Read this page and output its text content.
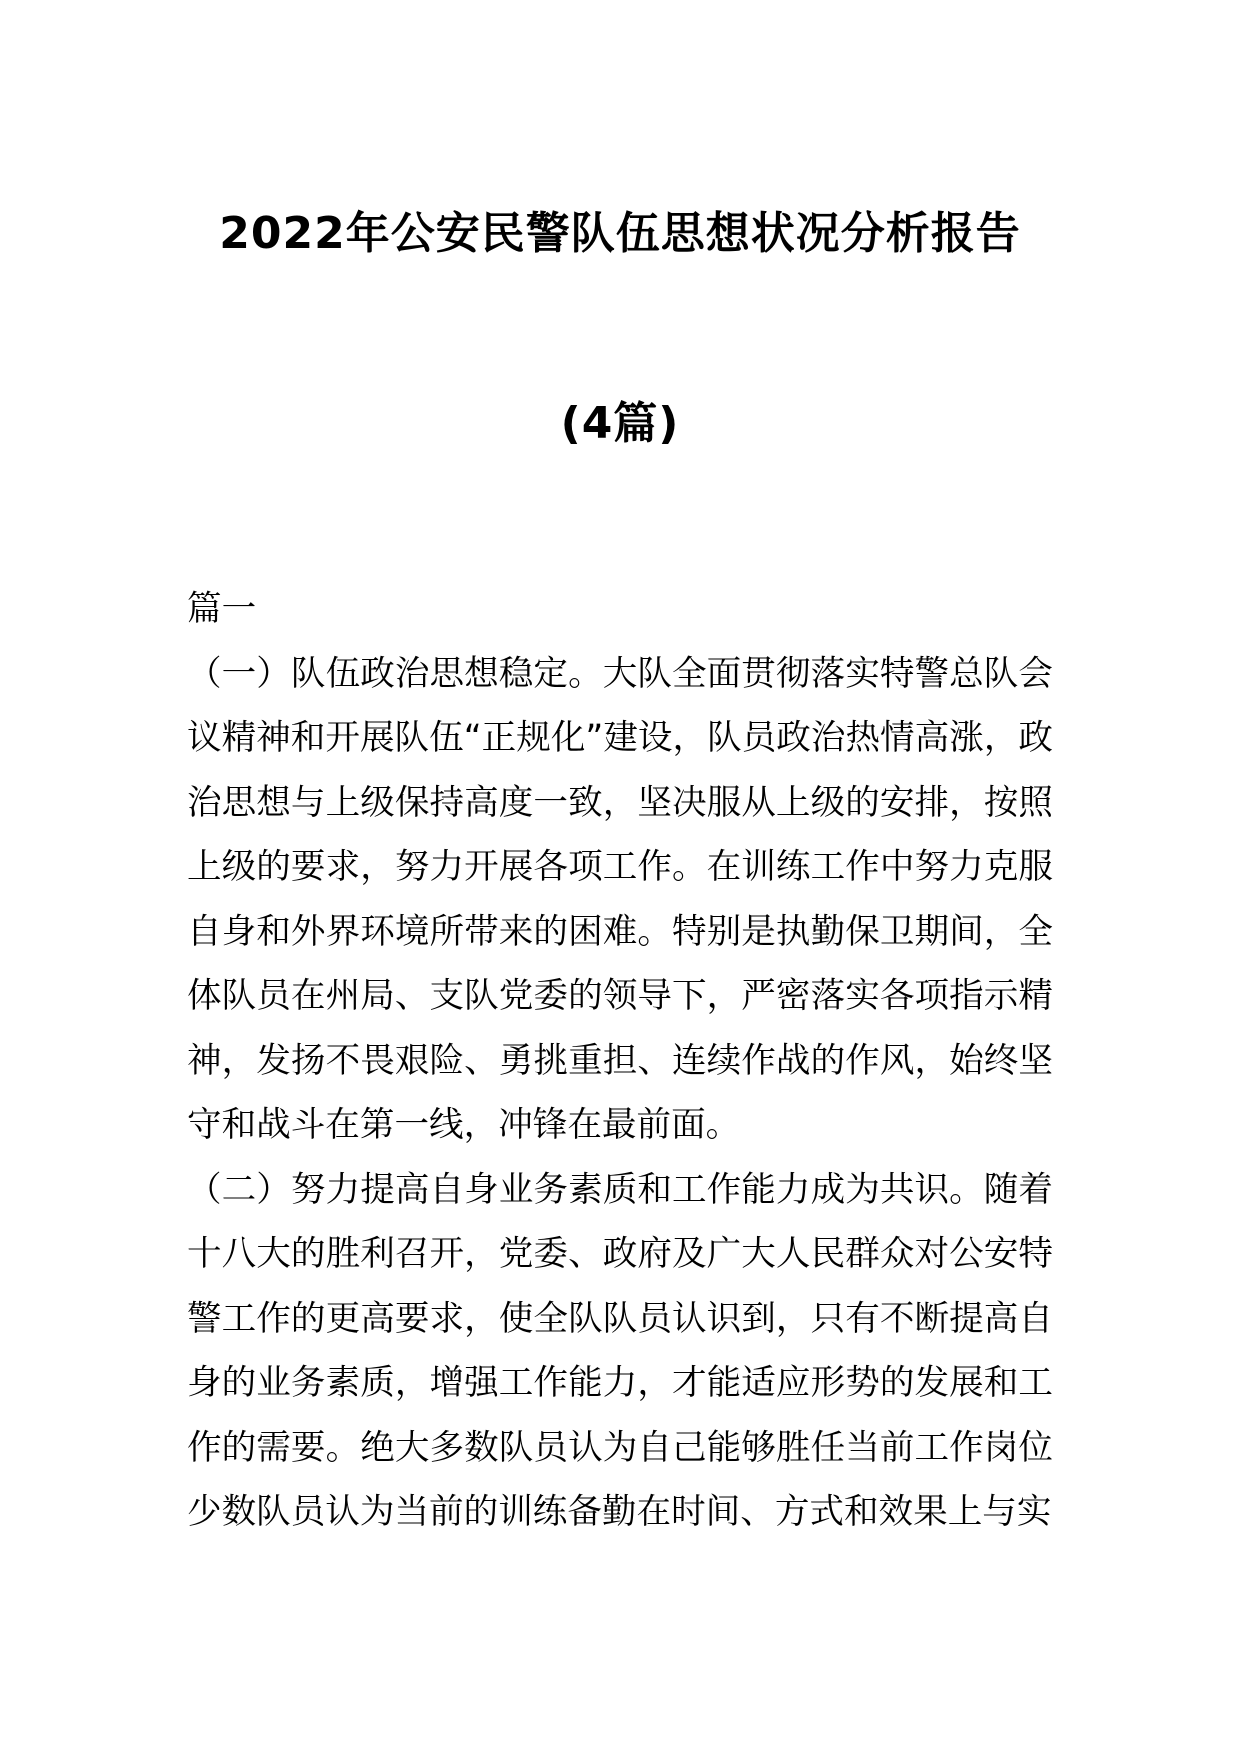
2022年公安民警队伍思想状况分析报告
(4篇)

篇一

（一）队伍政治思想稳定。大队全面贯彻落实特警总队会议精神和开展队伍“正规化”建设，队员政治热情高涨，政治思想与上级保持高度一致，坚决服从上级的安排，按照上级的要求，努力开展各项工作。在训练工作中努力克服自身和外界环境所带来的困难。特别是执勤保卫期间，全体队员在州局、支队党委的领导下，严密落实各项指示精神，发扬不畏艰险、勇挑重担、连续作战的作风，始终坚守和战斗在第一线，冲锋在最前面。

（二）努力提高自身业务素质和工作能力成为共识。随着十八大的胜利召开，党委、政府及广大人民群众对公安特警工作的更高要求，使全队队员认识到，只有不断提高自身的业务素质，增强工作能力，才能适应形势的发展和工作的需要。绝大多数队员认为自己能够胜任当前工作岗位少数队员认为当前的训练备勤在时间、方式和效果上与实
